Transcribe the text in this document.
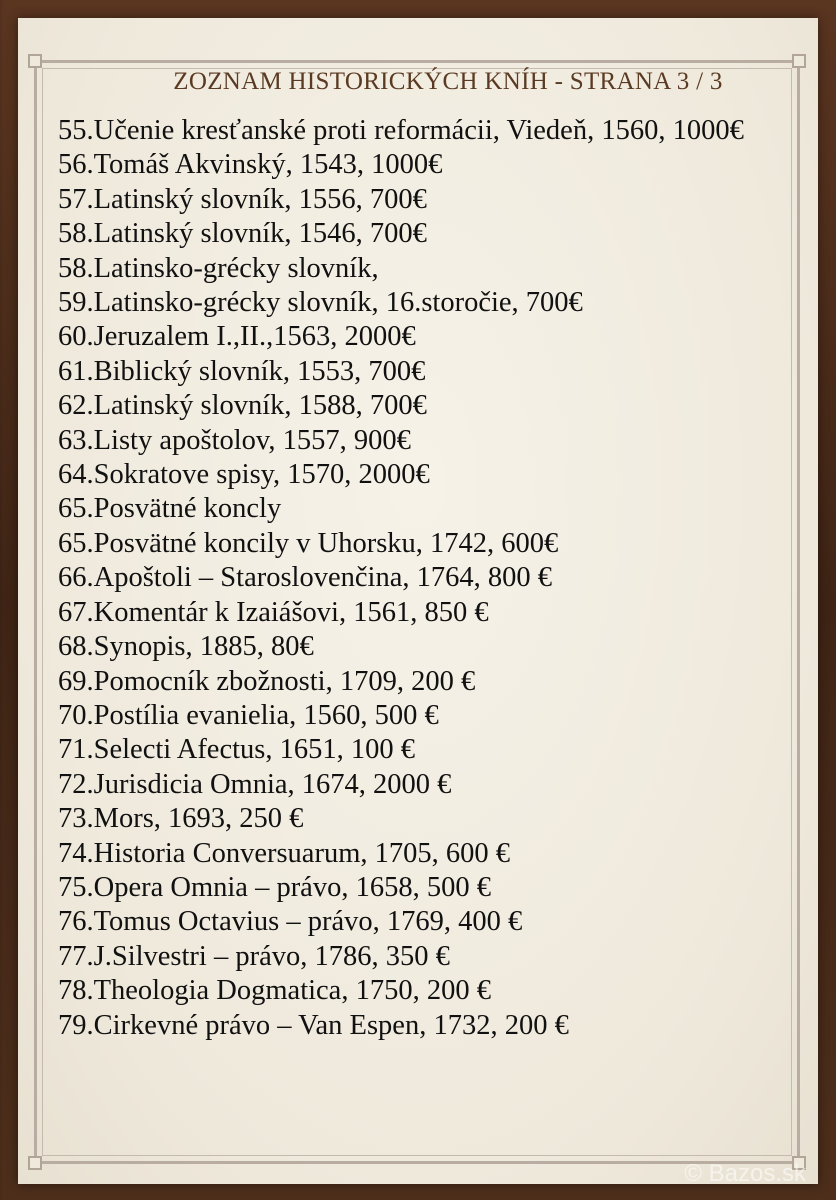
ZOZNAM HISTORICKÝCH KNÍH - STRANA 3 / 3
55.Učenie kresťanské proti reformácii, Viedeň, 1560, 1000€
56.Tomáš Akvinský, 1543, 1000€
57.Latinský slovník, 1556, 700€
58.Latinský slovník, 1546, 700€
58.Latinsko-grécky slovník,
59.Latinsko-grécky slovník, 16.storočie, 700€
60.Jeruzalem I.,II.,1563, 2000€
61.Biblický slovník, 1553, 700€
62.Latinský slovník, 1588, 700€
63.Listy apoštolov, 1557, 900€
64.Sokratove spisy, 1570, 2000€
65.Posvätné koncly
65.Posvätné koncily v Uhorsku, 1742, 600€
66.Apoštoli – Staroslovenčina, 1764, 800 €
67.Komentár k Izaiášovi, 1561, 850 €
68.Synopis, 1885, 80€
69.Pomocník zbožnosti, 1709, 200 €
70.Postília evanielia, 1560, 500 €
71.Selecti Afectus, 1651, 100 €
72.Jurisdicia Omnia, 1674, 2000 €
73.Mors, 1693, 250 €
74.Historia Conversuarum, 1705, 600 €
75.Opera Omnia – právo, 1658, 500 €
76.Tomus Octavius – právo, 1769, 400 €
77.J.Silvestri – právo, 1786, 350 €
78.Theologia Dogmatica, 1750, 200 €
79.Cirkevné právo – Van Espen, 1732, 200 €
© Bazos.sk
